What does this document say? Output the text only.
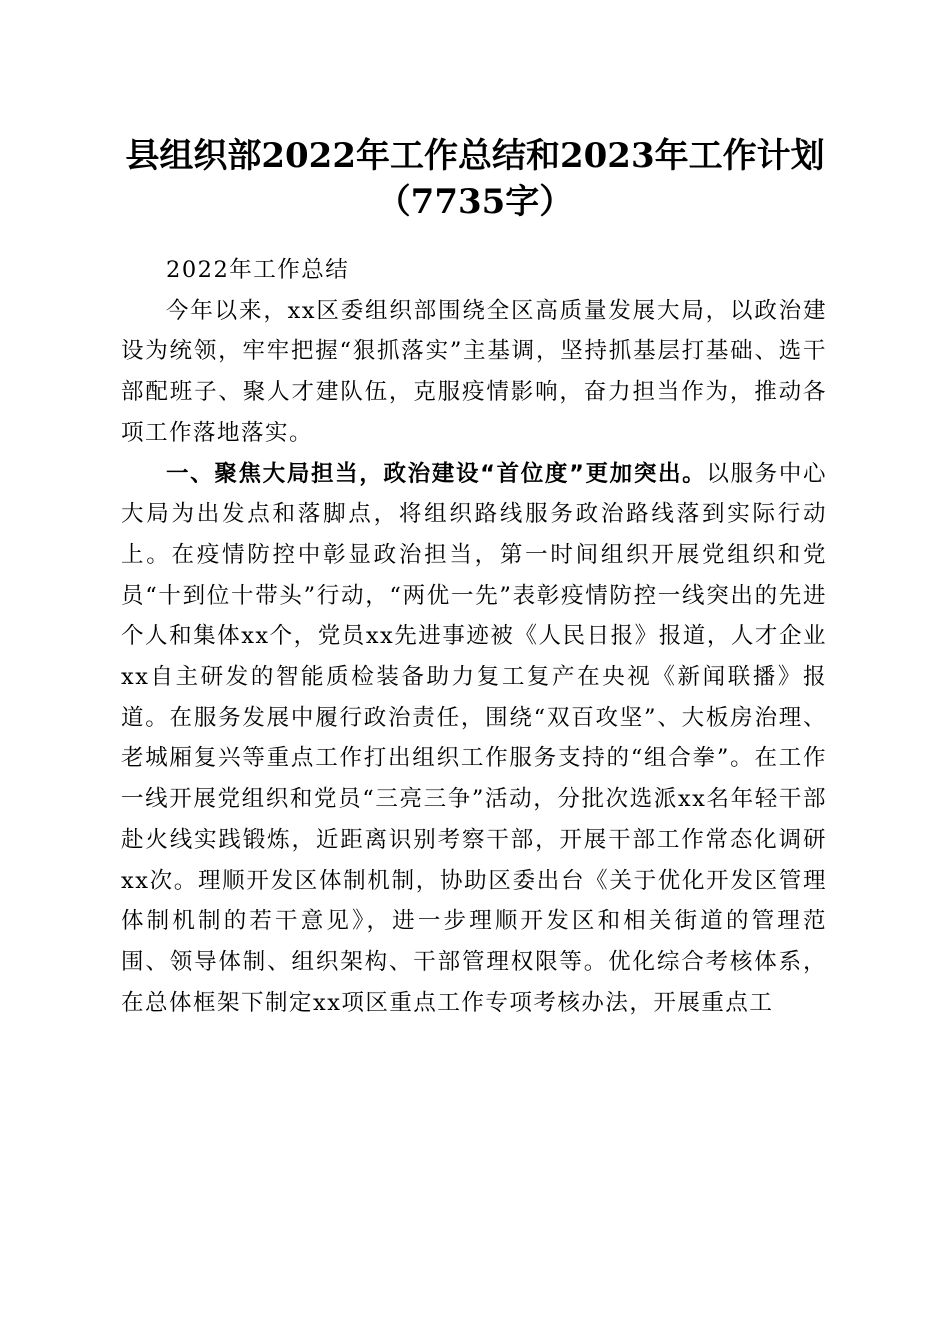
县组织部2022年工作总结和2023年工作计划
（7735字）

2022年工作总结

今年以来，xx区委组织部围绕全区高质量发展大局，以政治建设为统领，牢牢把握“狠抓落实”主基调，坚持抓基层打基础、选干部配班子、聚人才建队伍，克服疫情影响，奋力担当作为，推动各项工作落地落实。

一、聚焦大局担当，政治建设“首位度”更加突出。以服务中心大局为出发点和落脚点，将组织路线服务政治路线落到实际行动上。在疫情防控中彰显政治担当，第一时间组织开展党组织和党员“十到位十带头”行动，“两优一先”表彰疫情防控一线突出的先进个人和集体xx个，党员xx先进事迹被《人民日报》报道，人才企业xx自主研发的智能质检装备助力复工复产在央视《新闻联播》报道。在服务发展中履行政治责任，围绕“双百攻坚”、大板房治理、老城厢复兴等重点工作打出组织工作服务支持的“组合拳”。在工作一线开展党组织和党员“三亮三争”活动，分批次选派xx名年轻干部赴火线实践锻炼，近距离识别考察干部，开展干部工作常态化调研xx次。理顺开发区体制机制，协助区委出台《关于优化开发区管理体制机制的若干意见》，进一步理顺开发区和相关街道的管理范围、领导体制、组织架构、干部管理权限等。优化综合考核体系，在总体框架下制定xx项区重点工作专项考核办法，开展重点工
